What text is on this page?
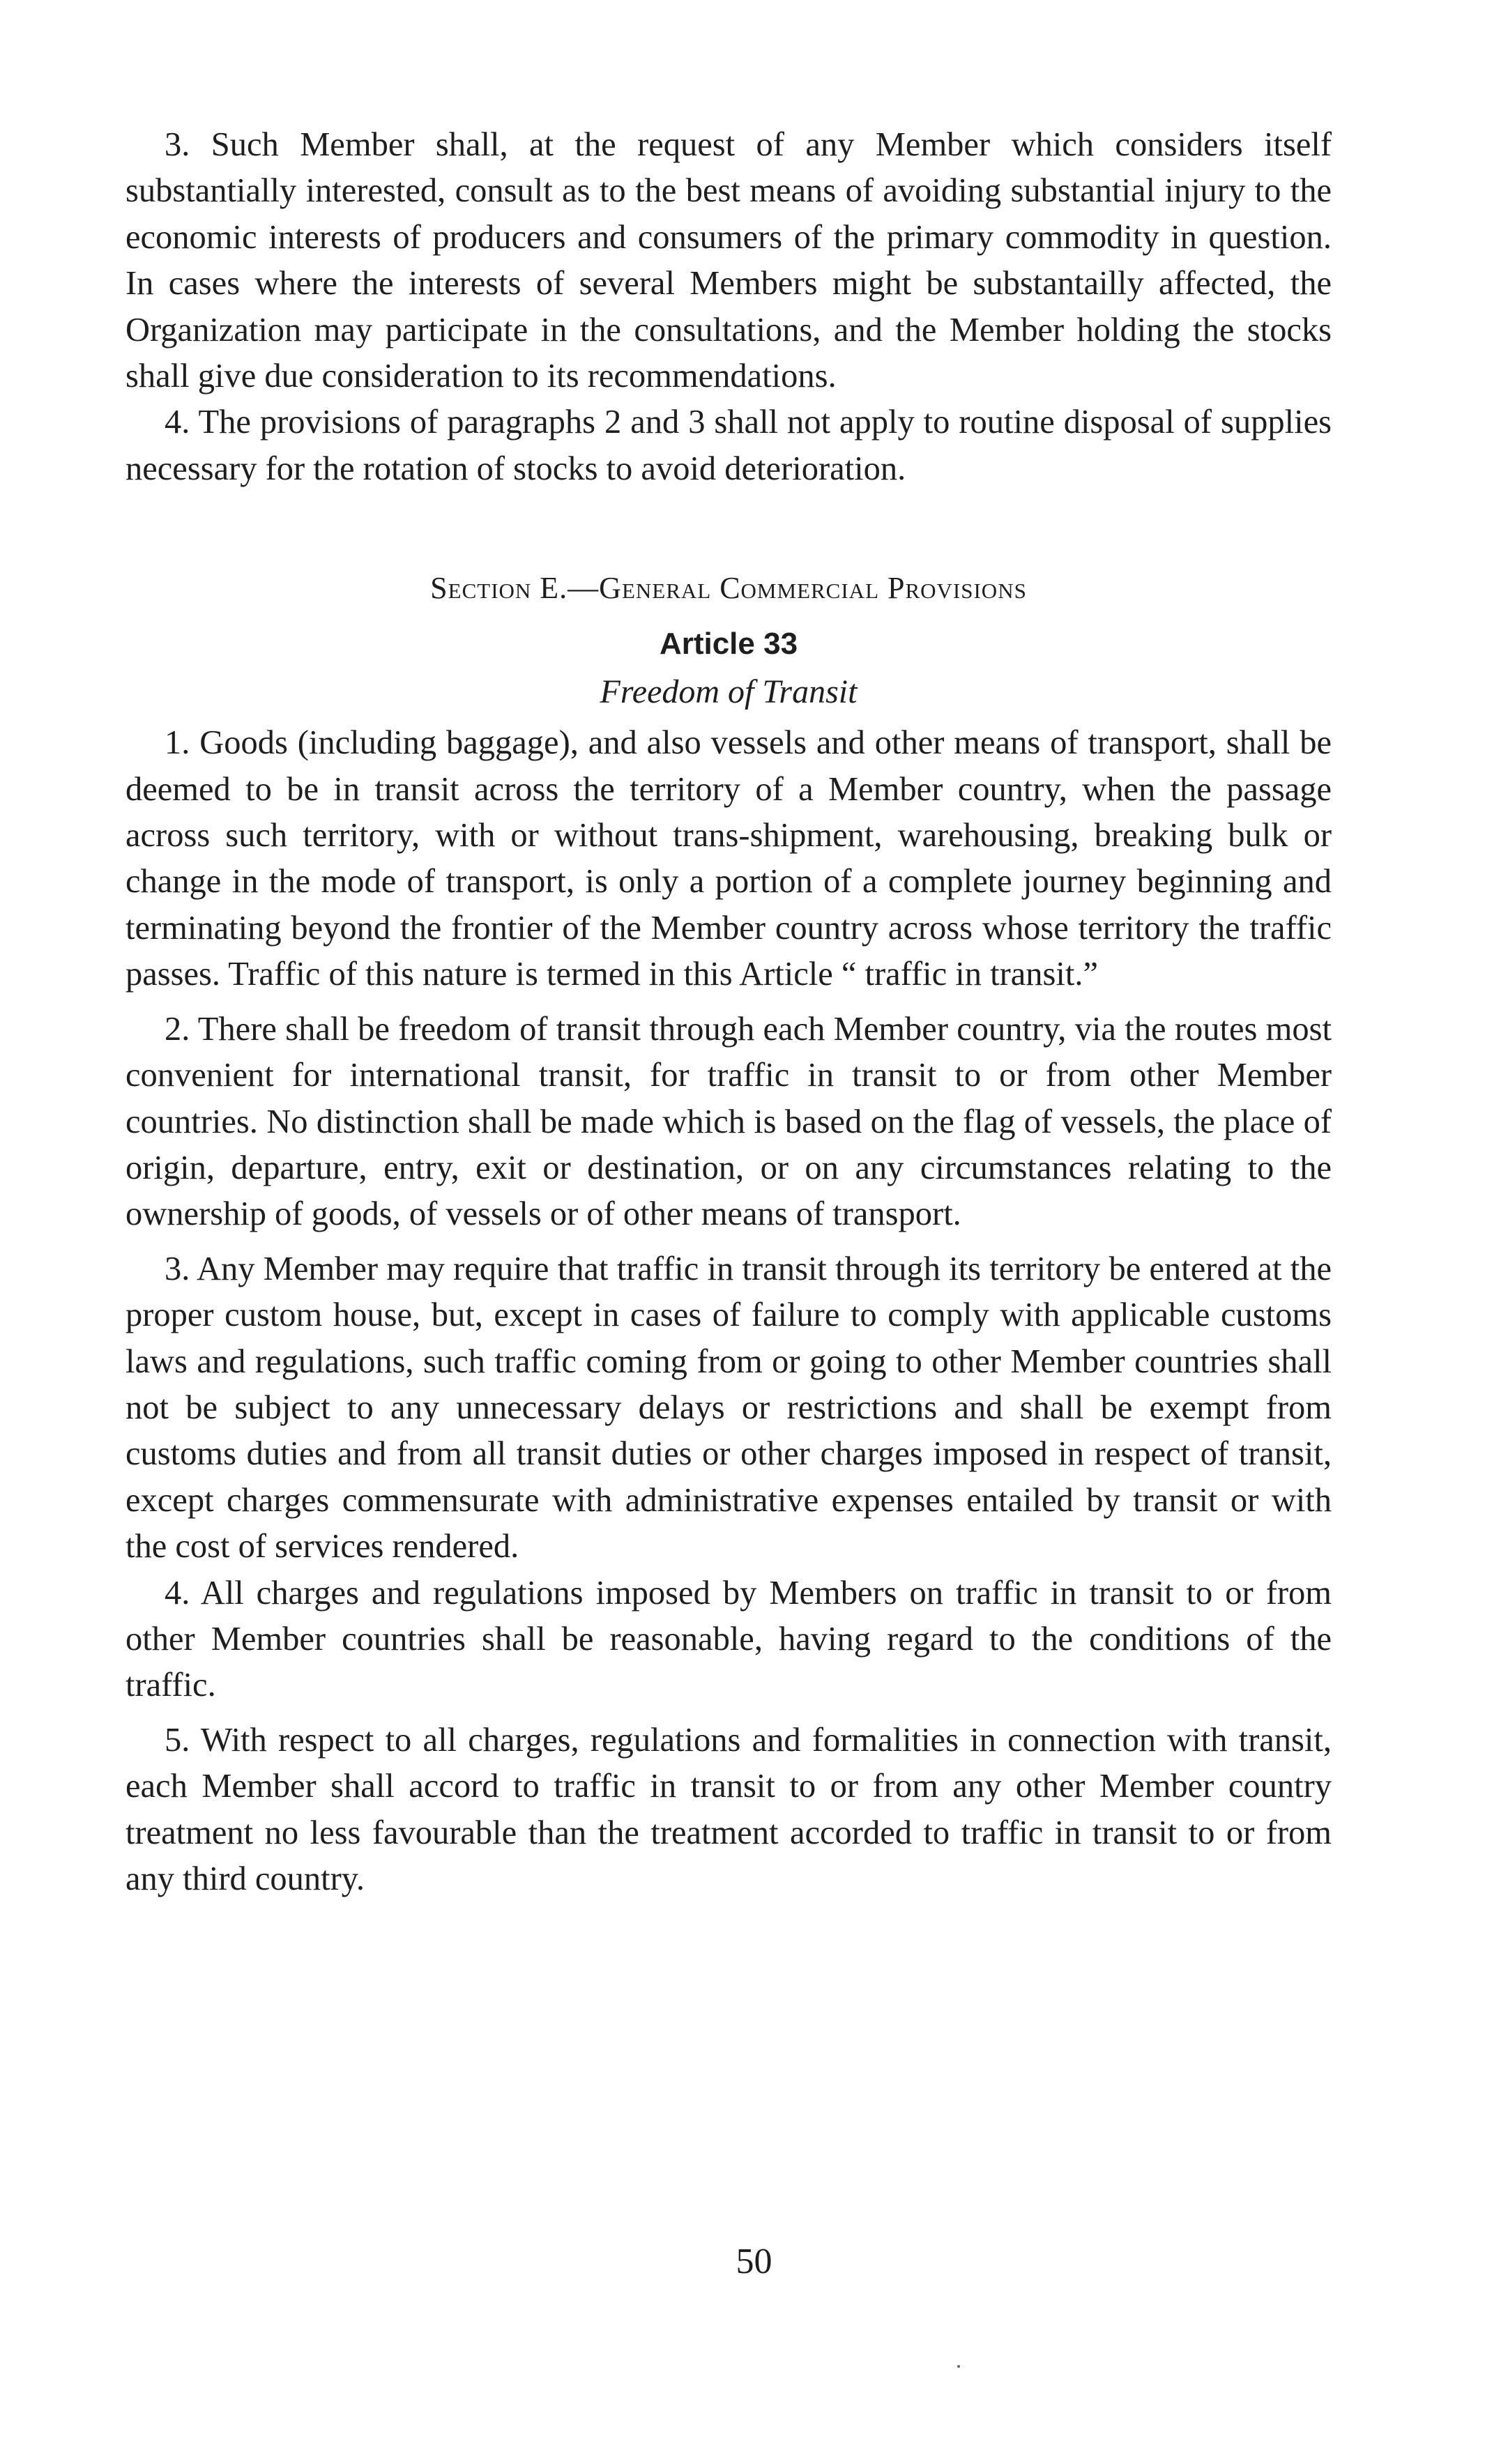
3. Such Member shall, at the request of any Member which considers itself substantially interested, consult as to the best means of avoiding substantial injury to the economic interests of producers and consumers of the primary commodity in question. In cases where the interests of several Members might be substantailly affected, the Organization may participate in the consultations, and the Member holding the stocks shall give due consideration to its recommendations.

4. The provisions of paragraphs 2 and 3 shall not apply to routine disposal of supplies necessary for the rotation of stocks to avoid deterioration.

Section E.—General Commercial Provisions
Article 33
Freedom of Transit

1. Goods (including baggage), and also vessels and other means of transport, shall be deemed to be in transit across the territory of a Member country, when the passage across such territory, with or without trans-shipment, warehousing, breaking bulk or change in the mode of transport, is only a portion of a complete journey beginning and terminating beyond the frontier of the Member country across whose territory the traffic passes. Traffic of this nature is termed in this Article “ traffic in transit.”

2. There shall be freedom of transit through each Member country, via the routes most convenient for international transit, for traffic in transit to or from other Member countries. No distinction shall be made which is based on the flag of vessels, the place of origin, departure, entry, exit or destination, or on any circumstances relating to the ownership of goods, of vessels or of other means of transport.

3. Any Member may require that traffic in transit through its territory be entered at the proper custom house, but, except in cases of failure to comply with applicable customs laws and regulations, such traffic coming from or going to other Member countries shall not be subject to any unnecessary delays or restrictions and shall be exempt from customs duties and from all transit duties or other charges imposed in respect of transit, except charges commensurate with administrative expenses entailed by transit or with the cost of services rendered.

4. All charges and regulations imposed by Members on traffic in transit to or from other Member countries shall be reasonable, having regard to the conditions of the traffic.

5. With respect to all charges, regulations and formalities in connection with transit, each Member shall accord to traffic in transit to or from any other Member country treatment no less favourable than the treatment accorded to traffic in transit to or from any third country.

50
